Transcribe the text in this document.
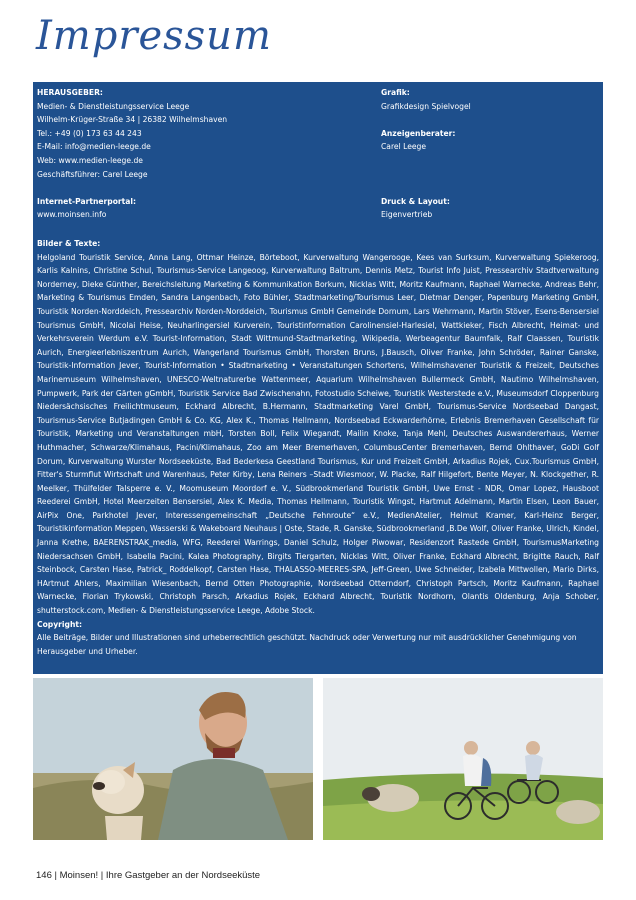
Impressum
HERAUSGEBER:
Medien- & Dienstleistungsservice Leege
Wilhelm-Krüger-Straße 34 | 26382 Wilhelmshaven
Tel.: +49 (0) 173 63 44 243
E-Mail: info@medien-leege.de
Web: www.medien-leege.de
Geschäftsführer: Carel Leege
Internet-Partnerportal:
www.moinsen.info
Grafik:
Grafikdesign Spielvogel
Anzeigenberater:
Carel Leege
Druck & Layout:
Eigenvertrieb
Bilder & Texte:
Helgoland Touristik Service, Anna Lang, Ottmar Heinze, Börteboot, Kurverwaltung Wangerooge, Kees van Surksum, Kurverwaltung Spiekeroog, Karlis Kalnins, Christine Schul, Tourismus-Service Langeoog, Kurverwaltung Baltrum, Dennis Metz, Tourist Info Juist, Pressearchiv Stadtverwaltung Norderney, Dieke Günther, Bereichsleitung Marketing & Kommunikation Borkum, Nicklas Witt, Moritz Kaufmann, Raphael Warnecke, Andreas Behr, Marketing & Tourismus Emden, Sandra Langenbach, Foto Bühler, Stadtmarketing/Tourismus Leer, Dietmar Denger, Papenburg Marketing GmbH, Touristik Norden-Norddeich, Pressearchiv Norden-Norddeich, Tourismus GmbH Gemeinde Dornum, Lars Wehrmann, Martin Stöver, Esens-Bensersiel Tourismus GmbH, Nicolai Heise, Neuharlingersiel Kurverein, Touristinformation Carolinensiel-Harlesiel, Wattkieker, Fisch Albrecht, Heimat- und Verkehrsverein Werdum e.V. Tourist-Information, Stadt Wittmund-Stadtmarketing, Wikipedia, Werbeagentur Baumfalk, Ralf Claassen, Touristik Aurich, Energieerlebniszentrum Aurich, Wangerland Tourismus GmbH, Thorsten Bruns, J.Bausch, Oliver Franke, John Schröder, Rainer Ganske, Touristik-Information Jever, Tourist-Information • Stadtmarketing • Veranstaltungen Schortens, Wilhelmshavener Touristik & Freizeit, Deutsches Marinemuseum Wilhelmshaven, UNESCO-Weltnaturerbe Wattenmeer, Aquarium Wilhelmshaven Bullermeck GmbH, Nautimo Wilhelmshaven, Pumpwerk, Park der Gärten gGmbH, Touristik Service Bad Zwischenahn, Fotostudio Scheiwe, Touristik Westerstede e.V., Museumsdorf Cloppenburg Niedersächsisches Freilichtmuseum, Eckhard Albrecht, B.Hermann, Stadtmarketing Varel GmbH, Tourismus-Service Nordseebad Dangast, Tourismus-Service Butjadingen GmbH & Co. KG, Alex K., Thomas Hellmann, Nordseebad Eckwarderhörne, Erlebnis Bremerhaven Gesellschaft für Touristik, Marketing und Veranstaltungen mbH, Torsten Boll, Felix Wiegandt, Mailin Knoke, Tanja Mehl, Deutsches Auswandererhaus, Werner Huthmacher, Schwarze/Klimahaus, Pacini/Klimahaus, Zoo am Meer Bremerhaven, ColumbusCenter Bremerhaven, Bernd Ohlthaver, GoDi Golf Dorum, Kurverwaltung Wurster Nordseeküste, Bad Bederkesa Geestland Tourismus, Kur und Freizeit GmbH, Arkadius Rojek, Cux.Tourismus GmbH, Fitter's Sturmflut Wirtschaft und Warenhaus, Peter Kirby, Lena Reiners –Stadt Wiesmoor, W. Placke, Ralf Hilgefort, Bente Meyer, N. Klockgether, R. Meelker, Thülfelder Talsperre e. V., Moomuseum Moordorf e. V., Südbrookmerland Touristik GmbH, Uwe Ernst - NDR, Omar Lopez, Hausboot Reederei GmbH, Hotel Meerzeiten Bensersiel, Alex K. Media, Thomas Hellmann, Touristik Wingst, Hartmut Adelmann, Martin Elsen, Leon Bauer, AirPix One, Parkhotel Jever, Interessengemeinschaft „Deutsche Fehnroute“ e.V., MedienAtelier, Helmut Kramer, Karl-Heinz Berger, Touristikinformation Meppen, Wasserski & Wakeboard Neuhaus | Oste, Stade, R. Ganske, Südbrookmerland ,B.De Wolf, Oliver Franke, Ulrich, Kindel, Janna Krethe, BAERENSTRAK_media, WFG, Reederei Warrings, Daniel Schulz, Holger Piwowar, Residenzort Rastede GmbH, TourismusMarketing Niedersachsen GmbH, Isabella Pacini, Kalea Photography, Birgits Tiergarten, Nicklas Witt, Oliver Franke, Eckhard Albrecht, Brigitte Rauch, Ralf Steinbock, Carsten Hase, Patrick_ Roddelkopf, Carsten Hase, THALASSO-MEERES-SPA, Jeff-Green, Uwe Schneider, Izabela Mittwollen, Mario Dirks, HArtmut Ahlers, Maximilian Wiesenbach, Bernd Otten Photographie, Nordseebad Otterndorf, Christoph Partsch, Moritz Kaufmann, Raphael Warnecke, Florian Trykowski, Christoph Parsch, Arkadius Rojek, Eckhard Albrecht, Touristik Nordhorn, Olantis Oldenburg, Anja Schober, shutterstock.com, Medien- & Dienstleistungsservice Leege, Adobe Stock.
Copyright:
Alle Beiträge, Bilder und Illustrationen sind urheberrechtlich geschützt. Nachdruck oder Verwertung nur mit ausdrücklicher Genehmigung von Herausgeber und Urheber.
146 | Moinsen! | Ihre Gastgeber an der Nordseeküste
